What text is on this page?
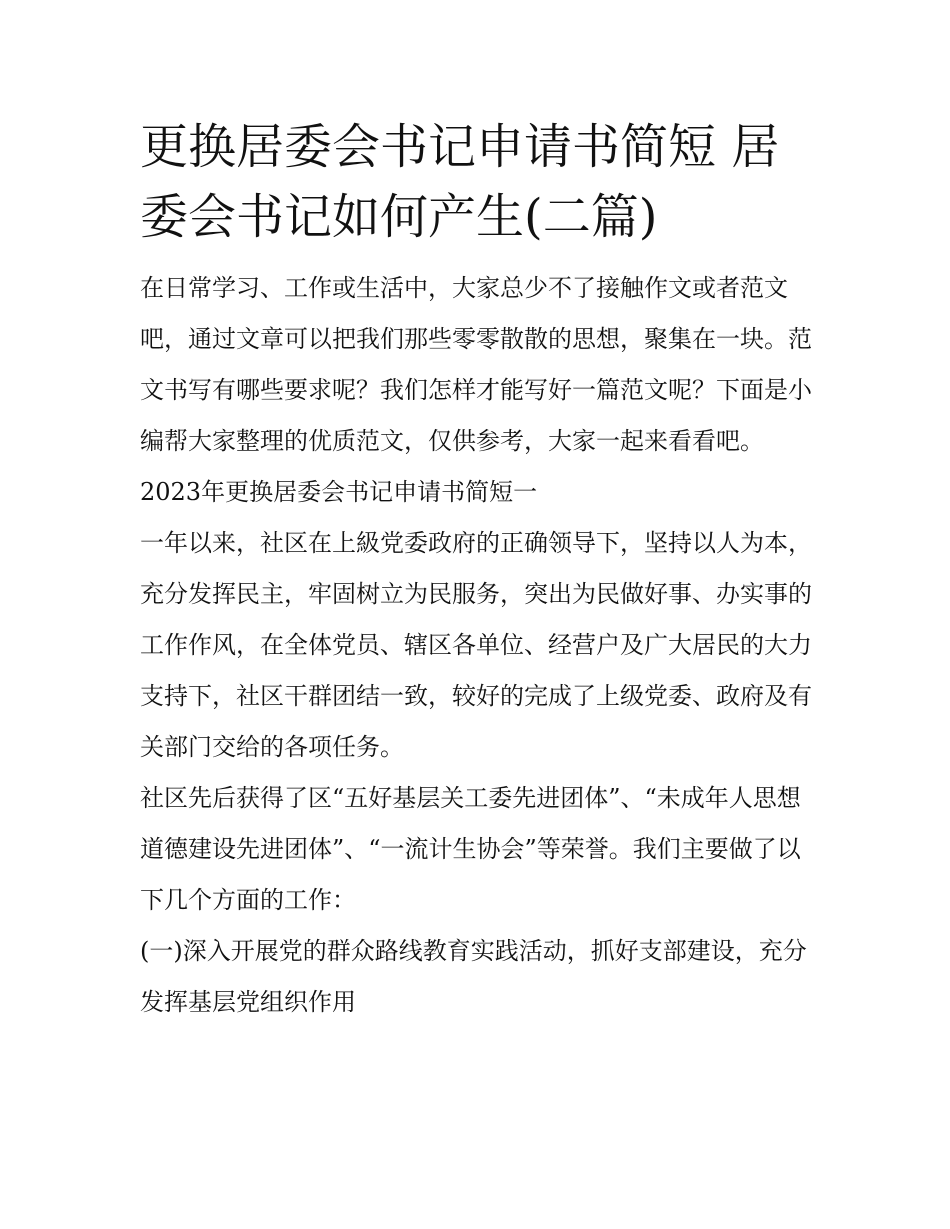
更换居委会书记申请书简短 居委会书记如何产生(二篇)

在日常学习、工作或生活中，大家总少不了接触作文或者范文吧，通过文章可以把我们那些零零散散的思想，聚集在一块。范文书写有哪些要求呢？我们怎样才能写好一篇范文呢？下面是小编帮大家整理的优质范文，仅供参考，大家一起来看看吧。

2023年更换居委会书记申请书简短一

一年以来，社区在上級党委政府的正确领导下，坚持以人为本，充分发挥民主，牢固树立为民服务，突出为民做好事、办实事的工作作风，在全体党员、辖区各单位、经营户及广大居民的大力支持下，社区干群团结一致，较好的完成了上级党委、政府及有关部门交给的各项任务。

社区先后获得了区“五好基层关工委先进团体”、“未成年人思想道德建设先进团体”、“一流计生协会”等荣誉。我们主要做了以下几个方面的工作：

(一)深入开展党的群众路线教育实践活动，抓好支部建设，充分发挥基层党组织作用
